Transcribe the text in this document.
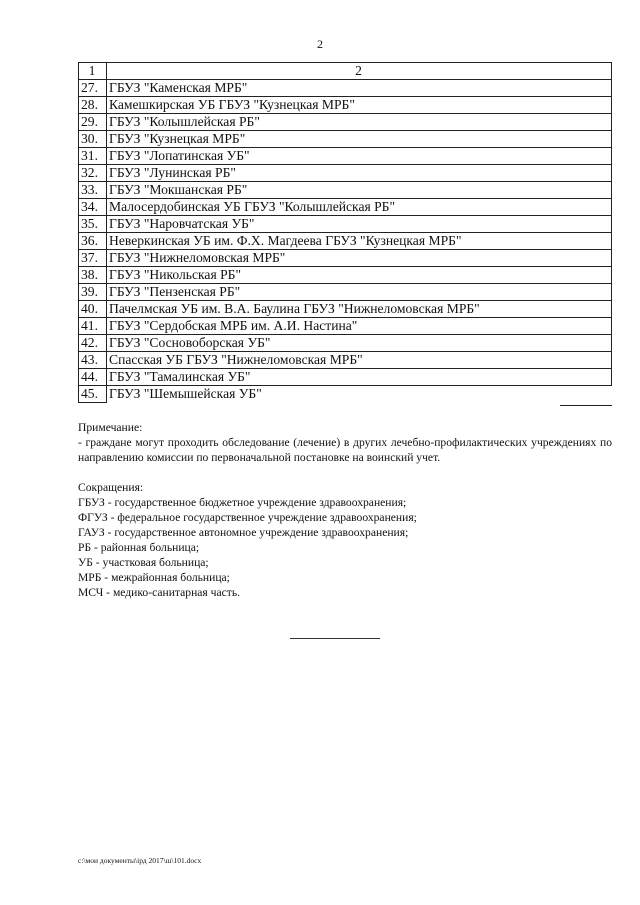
2
1	2
27.	ГБУЗ "Каменская МРБ"
28.	Камешкирская УБ ГБУЗ "Кузнецкая МРБ"
29.	ГБУЗ "Колышлейская РБ"
30.	ГБУЗ "Кузнецкая МРБ"
31.	ГБУЗ "Лопатинская УБ"
32.	ГБУЗ "Лунинская РБ"
33.	ГБУЗ "Мокшанская РБ"
34.	Малосердобинская УБ ГБУЗ "Колышлейская РБ"
35.	ГБУЗ "Наровчатская УБ"
36.	Неверкинская УБ им. Ф.Х. Магдеева ГБУЗ "Кузнецкая МРБ"
37.	ГБУЗ "Нижнеломовская МРБ"
38.	ГБУЗ "Никольская РБ"
39.	ГБУЗ "Пензенская РБ"
40.	Пачелмская УБ им. В.А. Баулина ГБУЗ "Нижнеломовская МРБ"
41.	ГБУЗ "Сердобская МРБ им. А.И. Настина"
42.	ГБУЗ "Сосновоборская УБ"
43.	Спасская УБ ГБУЗ "Нижнеломовская МРБ"
44.	ГБУЗ "Тамалинская УБ"
45.	ГБУЗ "Шемышейская УБ"

Примечание:

- граждане могут проходить обследование (лечение) в других лечебно-профилактических учреждениях по направлению комиссии по первоначальной постановке на воинский учет.

Сокращения:

ГБУЗ - государственное бюджетное учреждение здравоохранения;
ФГУЗ - федеральное государственное учреждение здравоохранения;
ГАУЗ - государственное автономное учреждение здравоохранения;
РБ - районная больница;
УБ - участковая больница;
МРБ - межрайонная больница;
МСЧ - медико-санитарная часть.
c:\мои документы\ірд 2017\ш\101.docx
